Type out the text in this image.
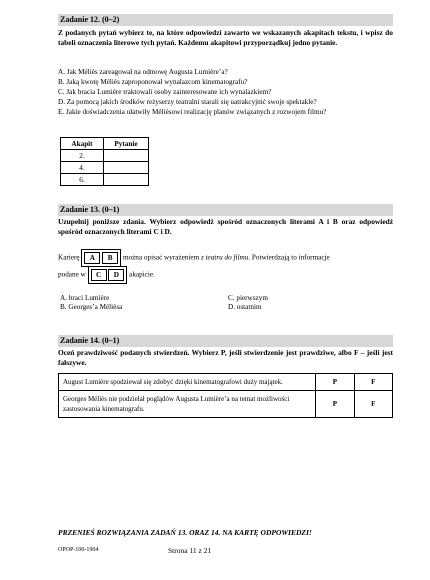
Zadanie 12. (0–2)
Z podanych pytań wybierz te, na które odpowiedzi zawarto we wskazanych akapitach tekstu, i wpisz do tabeli oznaczenia literowe tych pytań. Każdemu akapitowi przyporządkuj jedno pytanie.
A. Jak Méliès zareagował na odmowę Augusta Lumière’a?
B. Jaką kwotę Méliès zaproponował wynalazcom kinematografu?
C. Jak bracia Lumière traktowali osoby zainteresowane ich wynalazkiem?
D. Za pomocą jakich środków reżyserzy teatralni starali się uatrakcyjnić swoje spektakle?
E. Jakie doświadczenia ułatwiły Méliѐsowi realizację planów związanych z rozwojem filmu?
Akapit	Pytanie
2.	
4.	
6.	
Zadanie 13. (0–1)
Uzupełnij poniższe zdania. Wybierz odpowiedź spośród oznaczonych literami A i B oraz odpowiedź spośród oznaczonych literami C i D.
Karierę A B można opisać wyrażeniem z teatru do filmu. Potwierdzają to informacje
podane w C D akapicie.
A. braci Lumière
B. Georges’a Mélièsa
C. pierwszym
D. ostatnim
Zadanie 14. (0–1)
Oceń prawdziwość podanych stwierdzeń. Wybierz P, jeśli stwierdzenie jest prawdziwe, albo F – jeśli jest fałszywe.
August Lumière spodziewał się zdobyć dzięki kinematografowi duży majątek.	P	F
Georges Méliès nie podzielał poglądów Augusta Lumière’a na temat możliwości zastosowania kinematografu.	P	F
PRZENIEŚ ROZWIĄZANIA ZADAŃ 13. ORAZ 14. NA KARTĘ ODPOWIEDZI!
OPOP-100-1904	Strona 11 z 21
